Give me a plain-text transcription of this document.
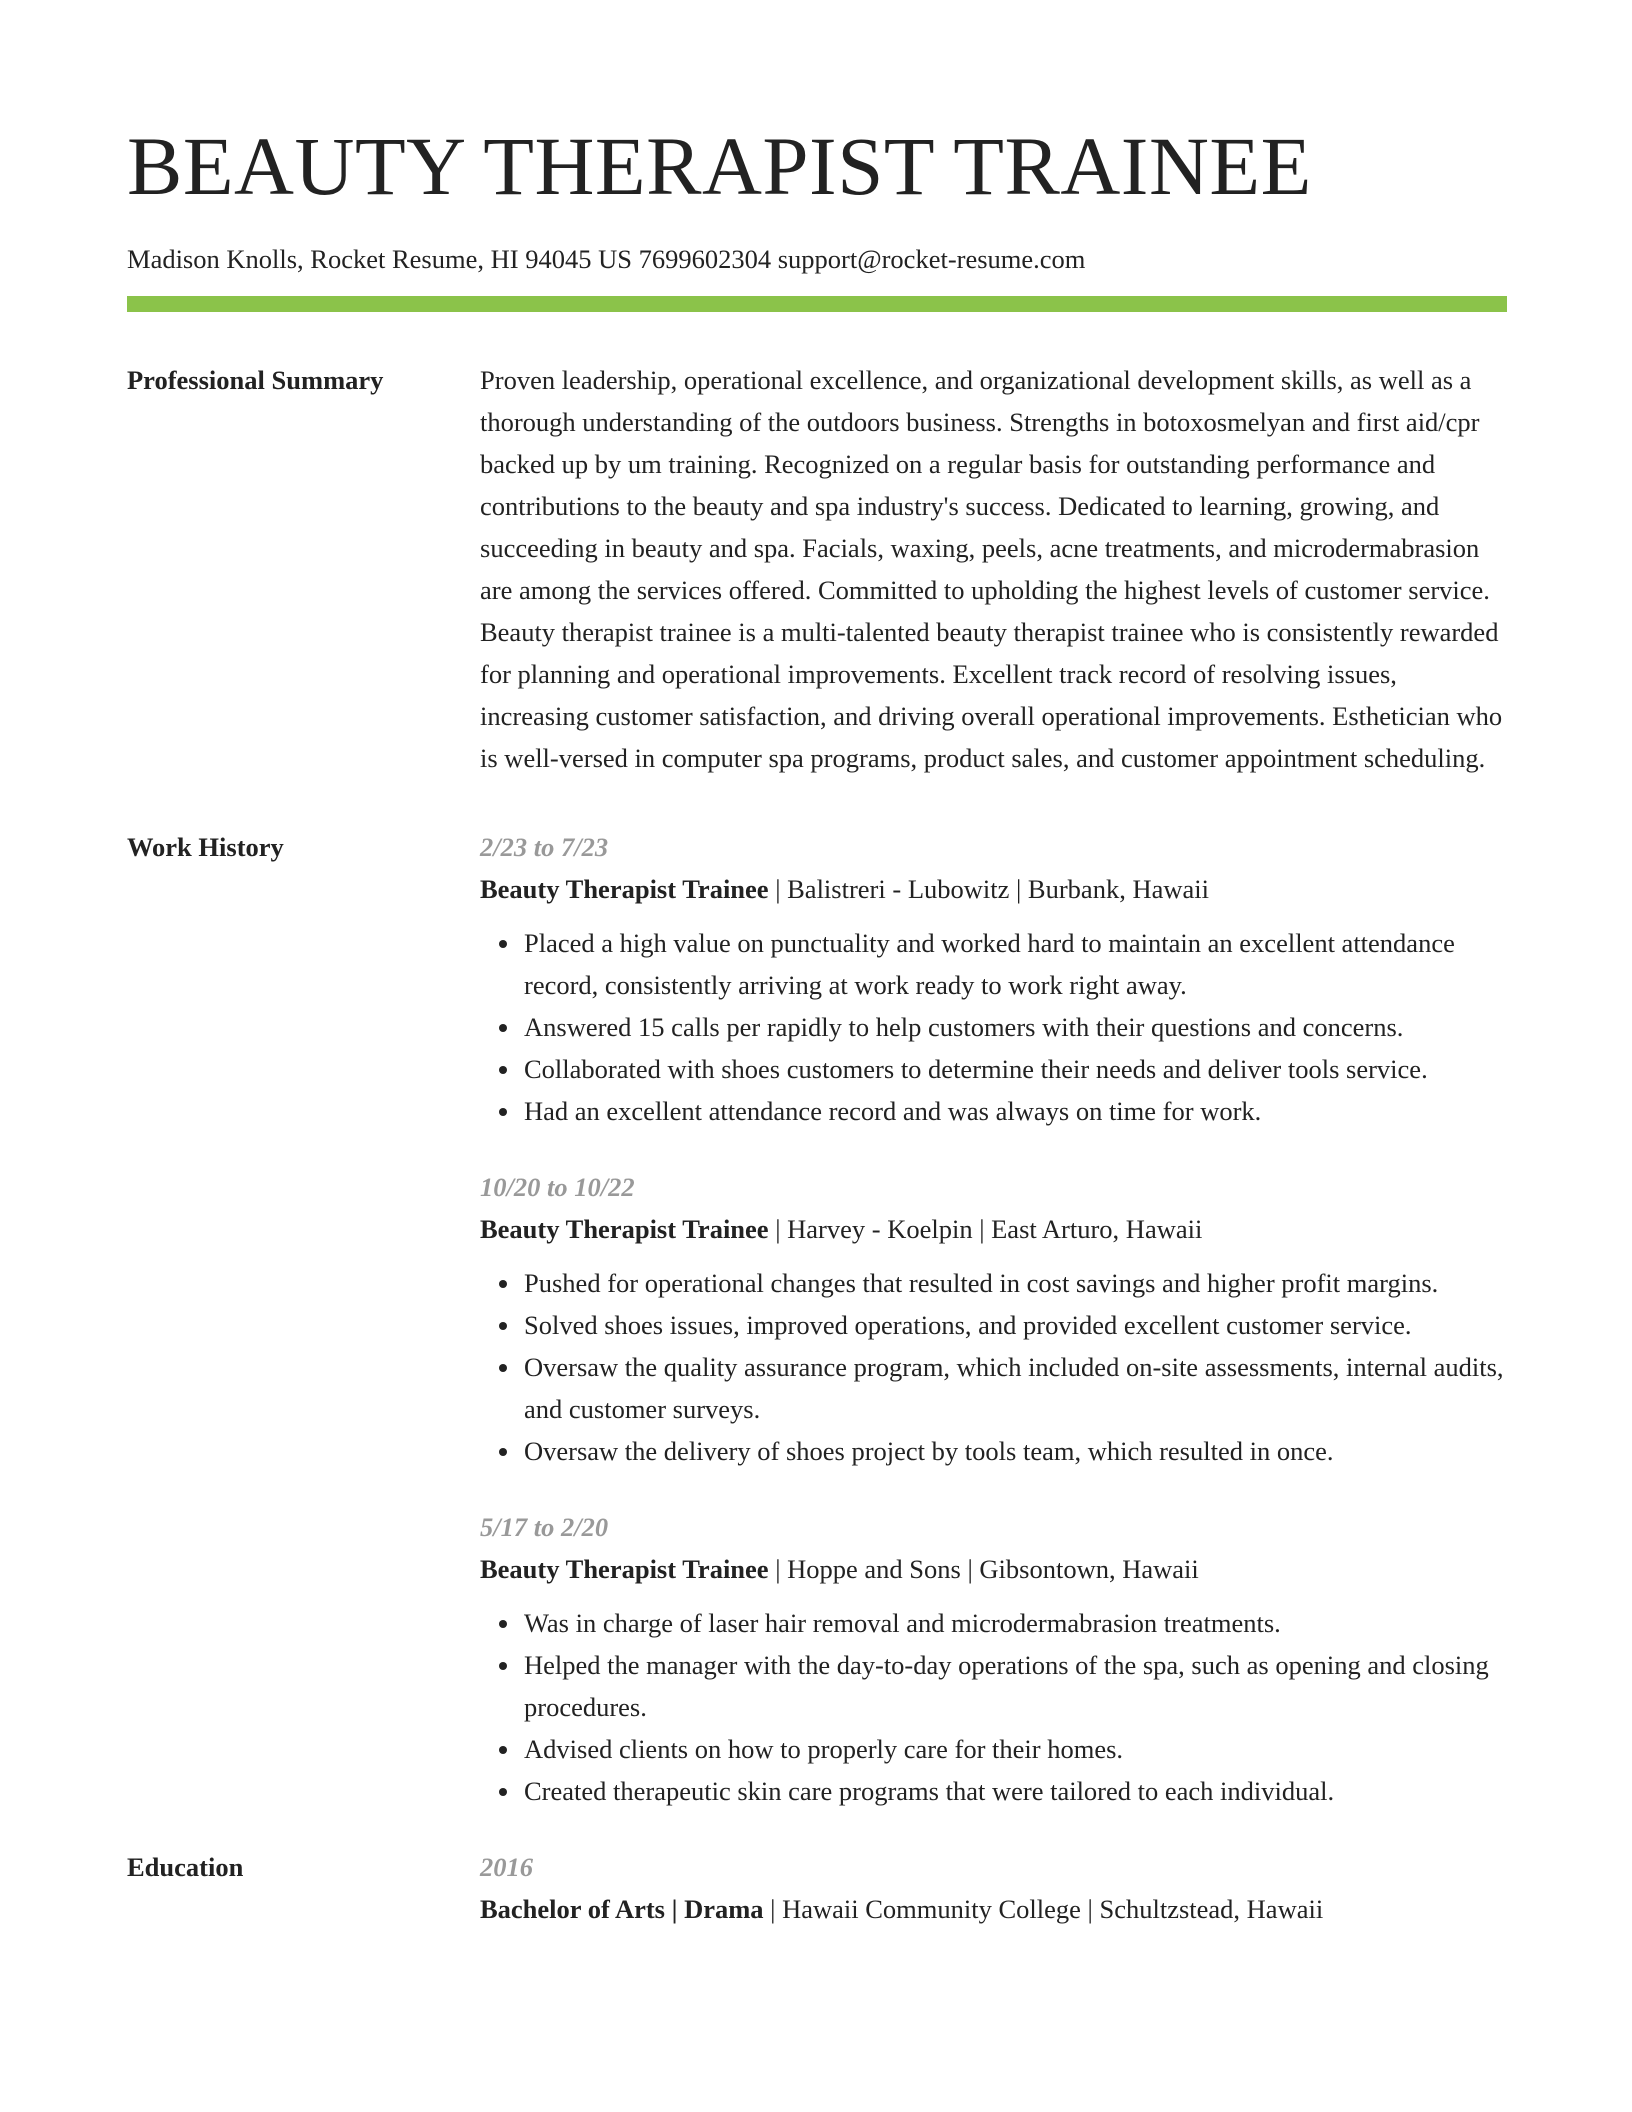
BEAUTY THERAPIST TRAINEE
Madison Knolls, Rocket Resume, HI 94045 US 7699602304 support@rocket-resume.com
Professional Summary	Proven leadership, operational excellence, and organizational development skills, as well as a thorough understanding of the outdoors business. Strengths in botoxosmelyan and first aid/cpr backed up by um training. Recognized on a regular basis for outstanding performance and contributions to the beauty and spa industry's success. Dedicated to learning, growing, and succeeding in beauty and spa. Facials, waxing, peels, acne treatments, and microdermabrasion are among the services offered. Committed to upholding the highest levels of customer service. Beauty therapist trainee is a multi-talented beauty therapist trainee who is consistently rewarded for planning and operational improvements. Excellent track record of resolving issues, increasing customer satisfaction, and driving overall operational improvements. Esthetician who is well-versed in computer spa programs, product sales, and customer appointment scheduling.

Work History	2/23 to 7/23
Beauty Therapist Trainee | Balistreri - Lubowitz | Burbank, Hawaii
Placed a high value on punctuality and worked hard to maintain an excellent attendance record, consistently arriving at work ready to work right away.
Answered 15 calls per rapidly to help customers with their questions and concerns.
Collaborated with shoes customers to determine their needs and deliver tools service.
Had an excellent attendance record and was always on time for work.
10/20 to 10/22
Beauty Therapist Trainee | Harvey - Koelpin | East Arturo, Hawaii
Pushed for operational changes that resulted in cost savings and higher profit margins.
Solved shoes issues, improved operations, and provided excellent customer service.
Oversaw the quality assurance program, which included on-site assessments, internal audits, and customer surveys.
Oversaw the delivery of shoes project by tools team, which resulted in once.
5/17 to 2/20
Beauty Therapist Trainee | Hoppe and Sons | Gibsontown, Hawaii
Was in charge of laser hair removal and microdermabrasion treatments.
Helped the manager with the day-to-day operations of the spa, such as opening and closing procedures.
Advised clients on how to properly care for their homes.
Created therapeutic skin care programs that were tailored to each individual.
Education	2016
Bachelor of Arts | Drama | Hawaii Community College | Schultzstead, Hawaii
